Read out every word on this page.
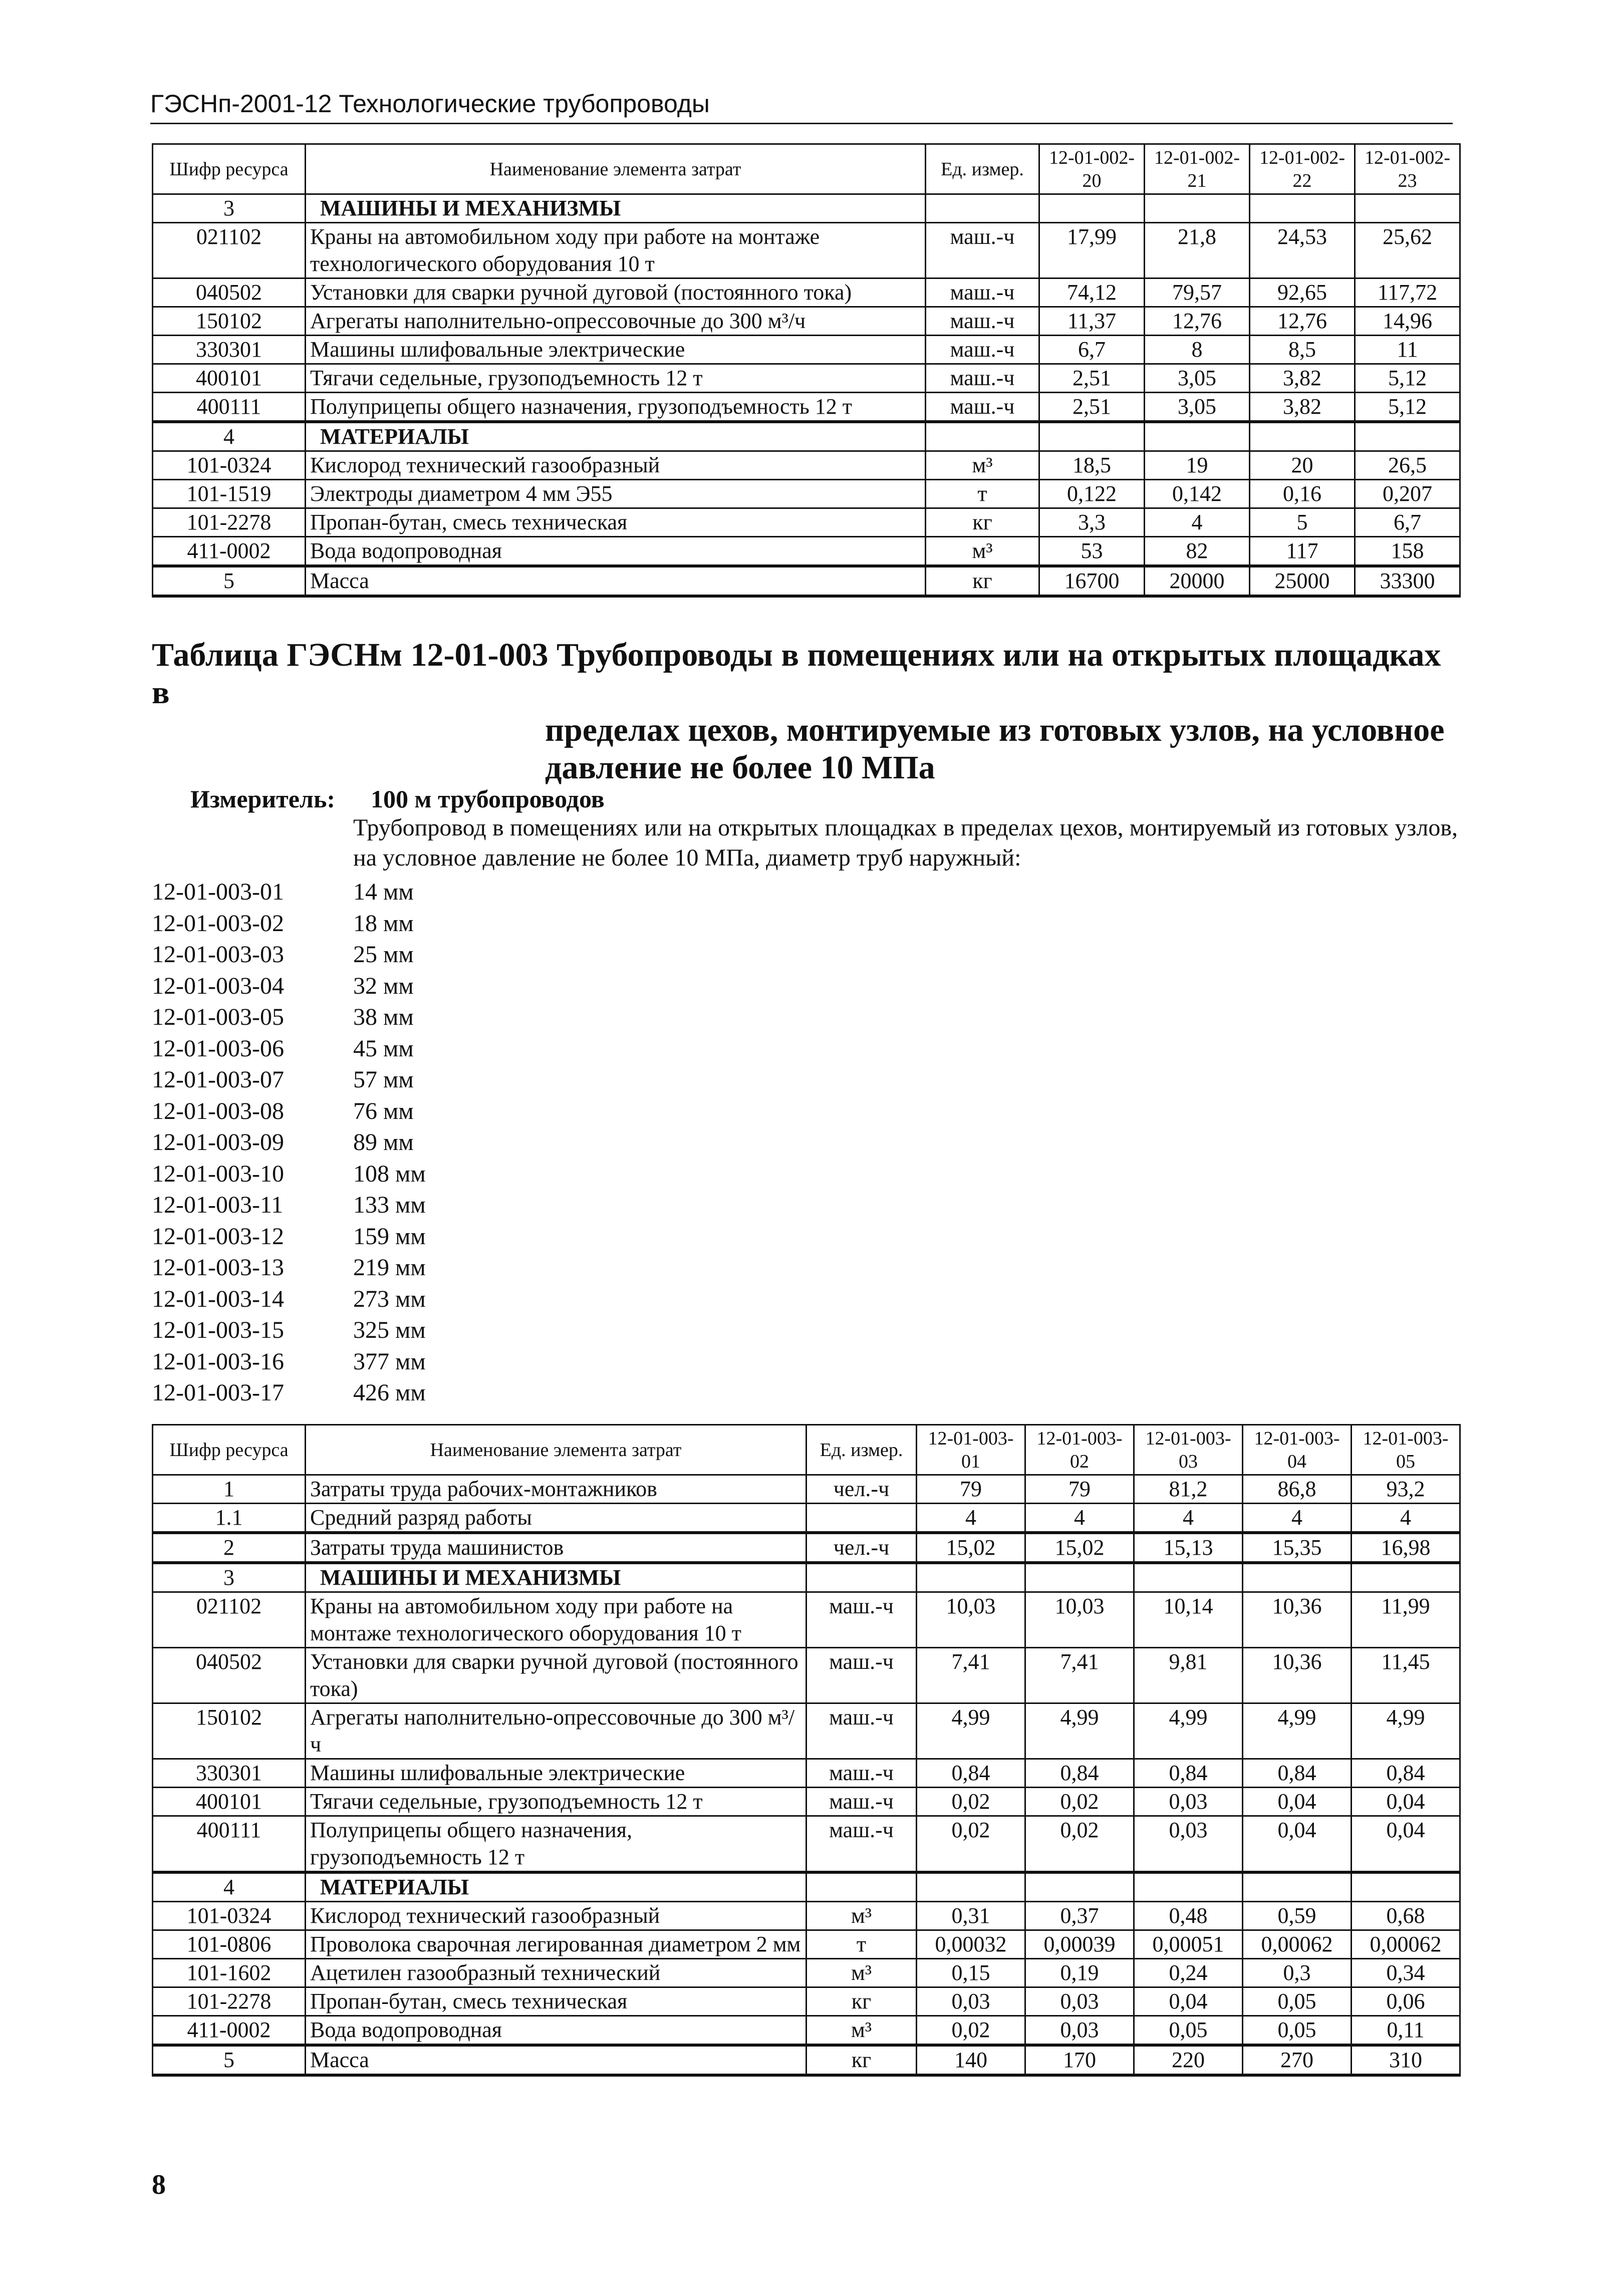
ГЭСНп-2001-12 Технологические трубопроводы
Шифр ресурса	Наименование элемента затрат	Ед. измер.	12-01-002-20	12-01-002-21	12-01-002-22	12-01-002-23
3	МАШИНЫ И МЕХАНИЗМЫ					
021102	Краны на автомобильном ходу при работе на монтаже технологического оборудования 10 т	маш.-ч	17,99	21,8	24,53	25,62
040502	Установки для сварки ручной дуговой (постоянного тока)	маш.-ч	74,12	79,57	92,65	117,72
150102	Агрегаты наполнительно-опрессовочные до 300 м³/ч	маш.-ч	11,37	12,76	12,76	14,96
330301	Машины шлифовальные электрические	маш.-ч	6,7	8	8,5	11
400101	Тягачи седельные, грузоподъемность 12 т	маш.-ч	2,51	3,05	3,82	5,12
400111	Полуприцепы общего назначения, грузоподъемность 12 т	маш.-ч	2,51	3,05	3,82	5,12
4	МАТЕРИАЛЫ					
101-0324	Кислород технический газообразный	м³	18,5	19	20	26,5
101-1519	Электроды диаметром 4 мм Э55	т	0,122	0,142	0,16	0,207
101-2278	Пропан-бутан, смесь техническая	кг	3,3	4	5	6,7
411-0002	Вода водопроводная	м³	53	82	117	158
5	Масса	кг	16700	20000	25000	33300
Таблица ГЭСНм 12-01-003 Трубопроводы в помещениях или на открытых площадках в
пределах цехов, монтируемые из готовых узлов, на условное
давление не более 10 МПа
Измеритель: 100 м трубопроводов
Трубопровод в помещениях или на открытых площадках в пределах цехов, монтируемый из готовых узлов, на условное давление не более 10 МПа, диаметр труб наружный:
12-01-003-01	14 мм
12-01-003-02	18 мм
12-01-003-03	25 мм
12-01-003-04	32 мм
12-01-003-05	38 мм
12-01-003-06	45 мм
12-01-003-07	57 мм
12-01-003-08	76 мм
12-01-003-09	89 мм
12-01-003-10	108 мм
12-01-003-11	133 мм
12-01-003-12	159 мм
12-01-003-13	219 мм
12-01-003-14	273 мм
12-01-003-15	325 мм
12-01-003-16	377 мм
12-01-003-17	426 мм
Шифр ресурса	Наименование элемента затрат	Ед. измер.	12-01-003-01	12-01-003-02	12-01-003-03	12-01-003-04	12-01-003-05
1	Затраты труда рабочих-монтажников	чел.-ч	79	79	81,2	86,8	93,2
1.1	Средний разряд работы		4	4	4	4	4
2	Затраты труда машинистов	чел.-ч	15,02	15,02	15,13	15,35	16,98
3	МАШИНЫ И МЕХАНИЗМЫ						
021102	Краны на автомобильном ходу при работе на монтаже технологического оборудования 10 т	маш.-ч	10,03	10,03	10,14	10,36	11,99
040502	Установки для сварки ручной дуговой (постоянного тока)	маш.-ч	7,41	7,41	9,81	10,36	11,45
150102	Агрегаты наполнительно-опрессовочные до 300 м³/ч	маш.-ч	4,99	4,99	4,99	4,99	4,99
330301	Машины шлифовальные электрические	маш.-ч	0,84	0,84	0,84	0,84	0,84
400101	Тягачи седельные, грузоподъемность 12 т	маш.-ч	0,02	0,02	0,03	0,04	0,04
400111	Полуприцепы общего назначения, грузоподъемность 12 т	маш.-ч	0,02	0,02	0,03	0,04	0,04
4	МАТЕРИАЛЫ						
101-0324	Кислород технический газообразный	м³	0,31	0,37	0,48	0,59	0,68
101-0806	Проволока сварочная легированная диаметром 2 мм	т	0,00032	0,00039	0,00051	0,00062	0,00062
101-1602	Ацетилен газообразный технический	м³	0,15	0,19	0,24	0,3	0,34
101-2278	Пропан-бутан, смесь техническая	кг	0,03	0,03	0,04	0,05	0,06
411-0002	Вода водопроводная	м³	0,02	0,03	0,05	0,05	0,11
5	Масса	кг	140	170	220	270	310
8
